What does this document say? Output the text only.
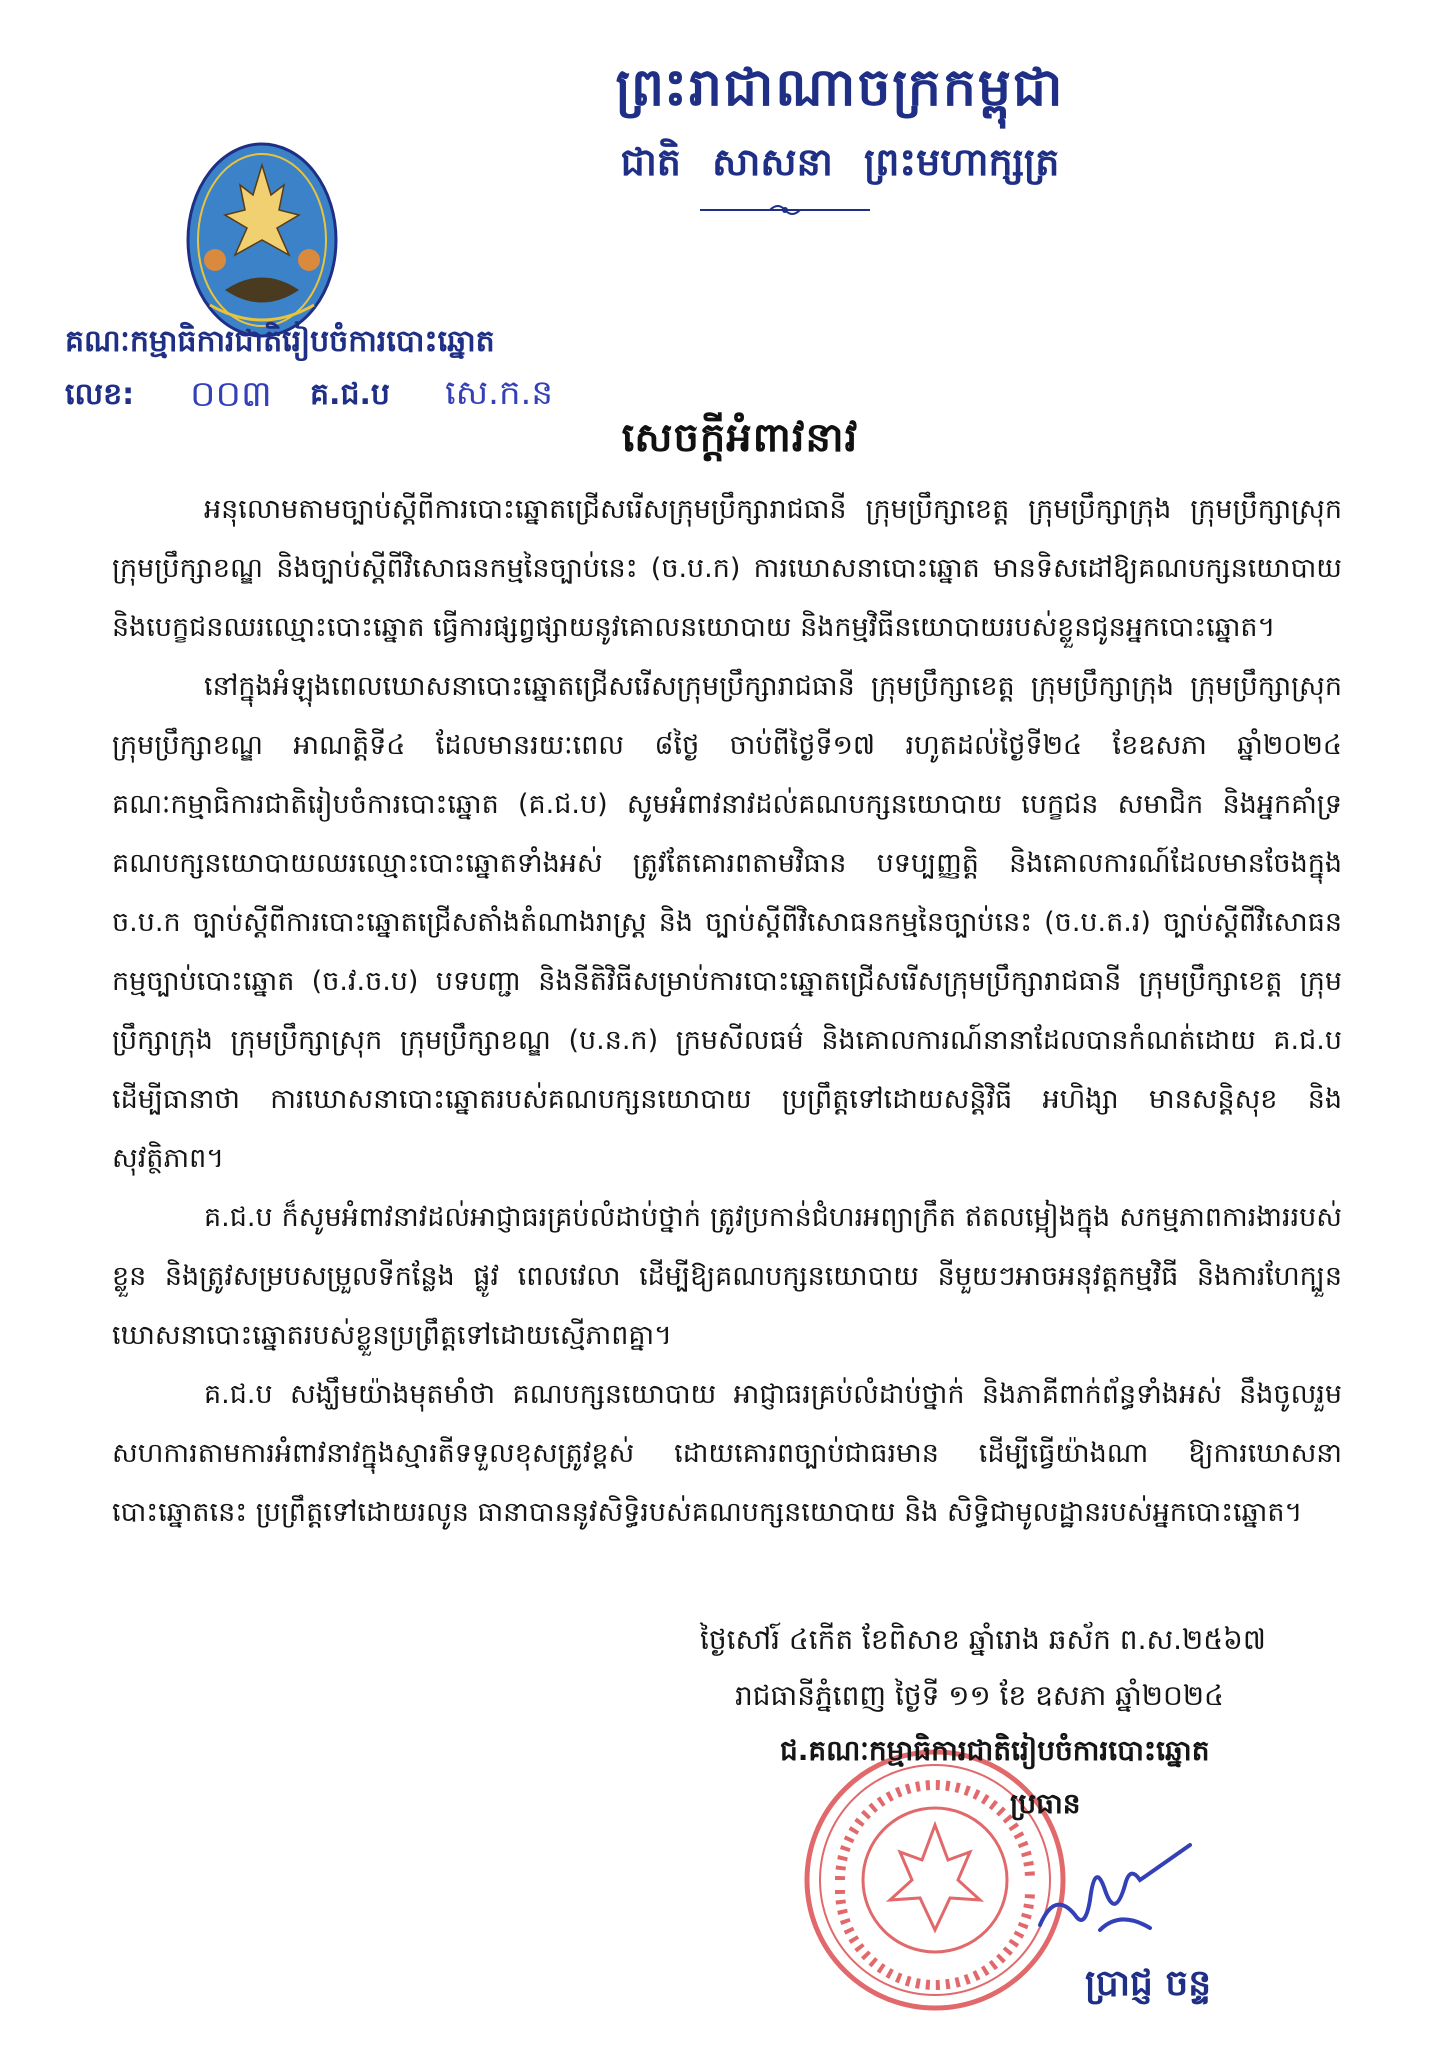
ព្រះរាជាណាចក្រកម្ពុជា
ជាតិ សាសនា ព្រះមហាក្សត្រ
គណៈកម្មាធិការជាតិរៀបចំការបោះឆ្នោត
លេខ: ០០៣ គ.ជ.ប សេ.ក.ន
សេចក្តីអំពាវនាវ

អនុលោមតាមច្បាប់ស្តីពីការបោះឆ្នោតជ្រើសរើសក្រុមប្រឹក្សារាជធានី ក្រុមប្រឹក្សាខេត្ត ក្រុមប្រឹក្សាក្រុង ក្រុមប្រឹក្សាស្រុក ក្រុមប្រឹក្សាខណ្ឌ និងច្បាប់ស្តីពីវិសោធនកម្មនៃច្បាប់នេះ (ច.ប.ក) ការឃោសនាបោះឆ្នោត មានទិសដៅឱ្យគណបក្សនយោបាយ និងបេក្ខជនឈរឈ្មោះបោះឆ្នោត ធ្វើការផ្សព្វផ្សាយនូវគោលនយោបាយ និងកម្មវិធីនយោបាយរបស់ខ្លួនជូនអ្នកបោះឆ្នោត។

នៅក្នុងអំឡុងពេលឃោសនាបោះឆ្នោតជ្រើសរើសក្រុមប្រឹក្សារាជធានី ក្រុមប្រឹក្សាខេត្ត ក្រុមប្រឹក្សាក្រុង ក្រុមប្រឹក្សាស្រុក ក្រុមប្រឹក្សាខណ្ឌ អាណត្តិទី៤ ដែលមានរយៈពេល ៨ថ្ងៃ ចាប់ពីថ្ងៃទី១៧ រហូតដល់ថ្ងៃទី២៤ ខែឧសភា ឆ្នាំ២០២៤ គណៈកម្មាធិការជាតិរៀបចំការបោះឆ្នោត (គ.ជ.ប) សូមអំពាវនាវដល់គណបក្សនយោបាយ បេក្ខជន សមាជិក និងអ្នកគាំទ្រគណបក្សនយោបាយឈរឈ្មោះបោះឆ្នោតទាំងអស់ ត្រូវតែគោរពតាមវិធាន បទប្បញ្ញត្តិ និងគោលការណ៍ដែលមានចែងក្នុង ច.ប.ក ច្បាប់ស្តីពីការបោះឆ្នោតជ្រើសតាំងតំណាងរាស្ត្រ និង ច្បាប់ស្តីពីវិសោធនកម្មនៃច្បាប់នេះ (ច.ប.ត.រ) ច្បាប់ស្តីពីវិសោធនកម្មច្បាប់បោះឆ្នោត (ច.វ.ច.ប) បទបញ្ជា និងនីតិវិធីសម្រាប់ការបោះឆ្នោតជ្រើសរើសក្រុមប្រឹក្សារាជធានី ក្រុមប្រឹក្សាខេត្ត ក្រុមប្រឹក្សាក្រុង ក្រុមប្រឹក្សាស្រុក ក្រុមប្រឹក្សាខណ្ឌ (ប.ន.ក) ក្រមសីលធម៌ និងគោលការណ៍នានាដែលបានកំណត់ដោយ គ.ជ.ប ដើម្បីធានាថា ការឃោសនាបោះឆ្នោតរបស់គណបក្សនយោបាយ ប្រព្រឹត្តទៅដោយសន្តិវិធី អហិង្សា មានសន្តិសុខ និង សុវត្ថិភាព។

គ.ជ.ប ក៏សូមអំពាវនាវដល់អាជ្ញាធរគ្រប់លំដាប់ថ្នាក់ ត្រូវប្រកាន់ជំហរអព្យាក្រឹត ឥតលម្អៀងក្នុង សកម្មភាពការងាររបស់ខ្លួន និងត្រូវសម្របសម្រួលទីកន្លែង ផ្លូវ ពេលវេលា ដើម្បីឱ្យគណបក្សនយោបាយ នីមួយៗអាចអនុវត្តកម្មវិធី និងការហែក្បួនឃោសនាបោះឆ្នោតរបស់ខ្លួនប្រព្រឹត្តទៅដោយស្មើភាពគ្នា។

គ.ជ.ប សង្ឃឹមយ៉ាងមុតមាំថា គណបក្សនយោបាយ អាជ្ញាធរគ្រប់លំដាប់ថ្នាក់ និងភាគីពាក់ព័ន្ធទាំងអស់ នឹងចូលរួមសហការតាមការអំពាវនាវក្នុងស្មារតីទទួលខុសត្រូវខ្ពស់ ដោយគោរពច្បាប់ជាធរមាន ដើម្បីធ្វើយ៉ាងណា ឱ្យការឃោសនាបោះឆ្នោតនេះ ប្រព្រឹត្តទៅដោយរលូន ធានាបាននូវសិទ្ធិរបស់គណបក្សនយោបាយ និង សិទ្ធិជាមូលដ្ឋានរបស់អ្នកបោះឆ្នោត។

ថ្ងៃសៅរ៍ ៤កើត ខែពិសាខ ឆ្នាំរោង ឆស័ក ព.ស.២៥៦៧
រាជធានីភ្នំពេញ ថ្ងៃទី ១១ ខែ ឧសភា ឆ្នាំ២០២៤
ជ.គណៈកម្មាធិការជាតិរៀបចំការបោះឆ្នោត
ប្រធាន
ប្រាជ្ញ ចន្ទ
